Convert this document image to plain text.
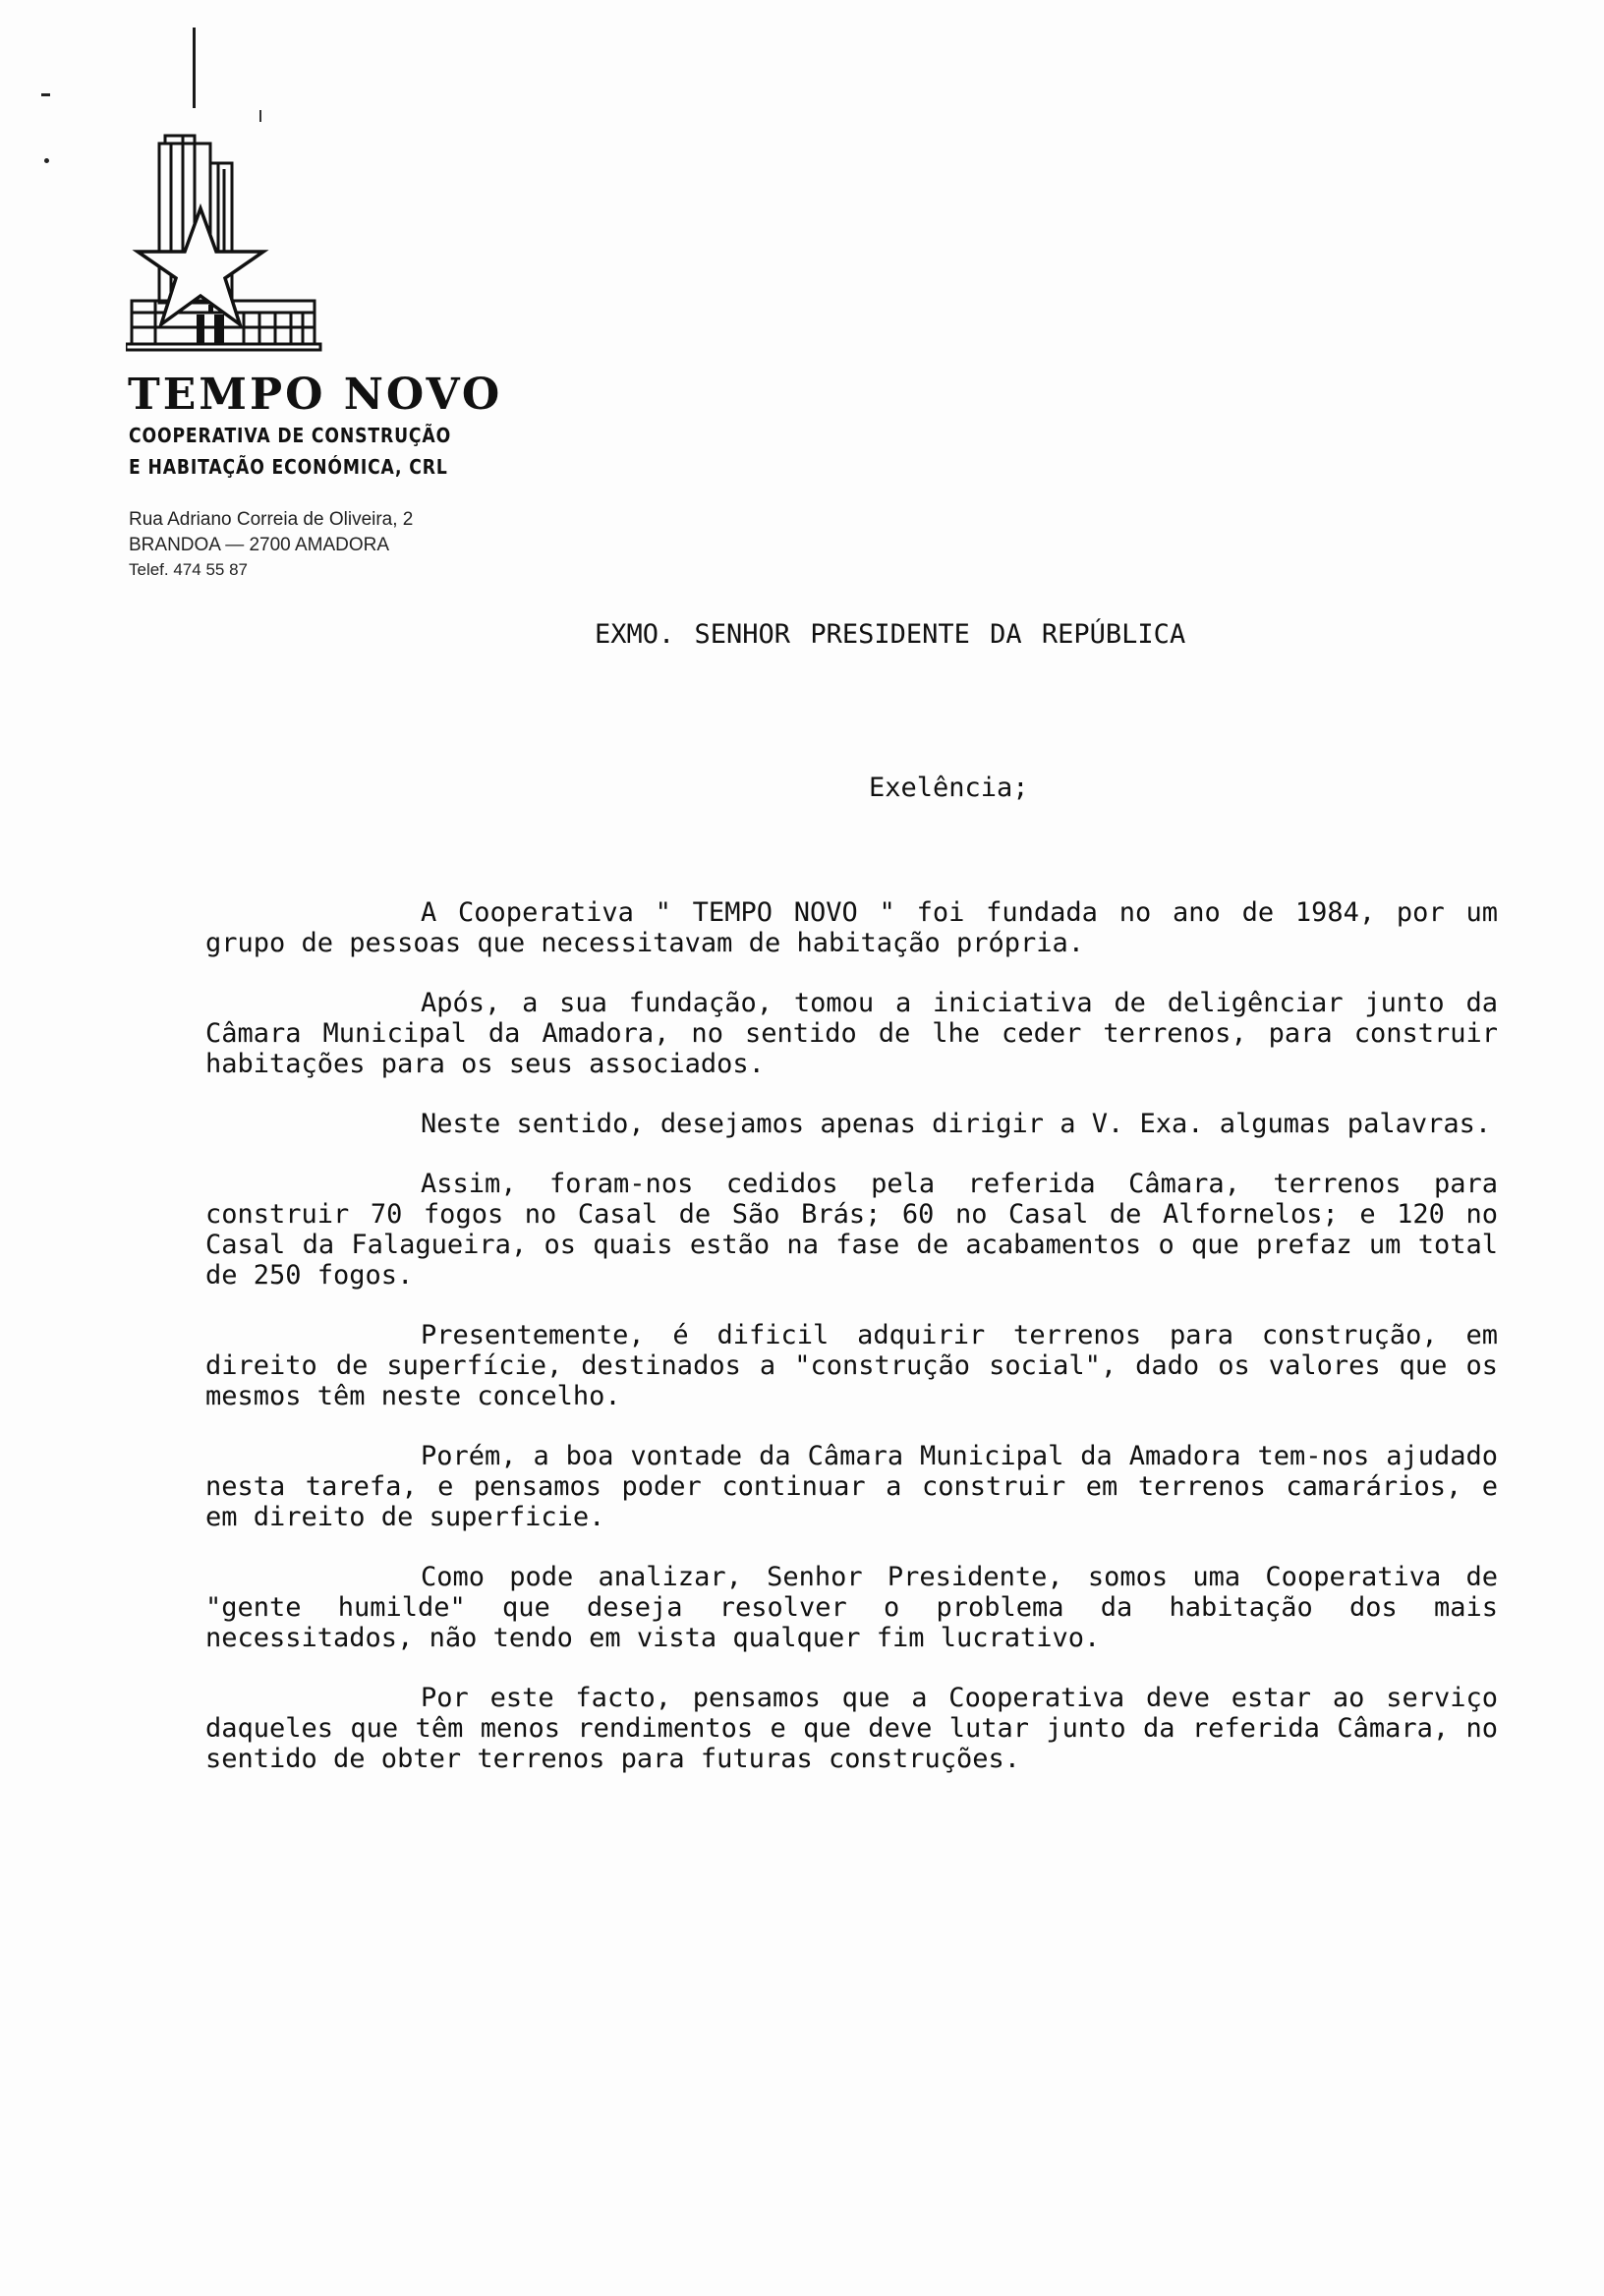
TEMPO NOVO
COOPERATIVA DE CONSTRUÇÃO
E HABITAÇÃO ECONÓMICA, CRL
Rua Adriano Correia de Oliveira, 2
BRANDOA — 2700 AMADORA
Telef. 474 55 87
EXMO. SENHOR PRESIDENTE DA REPÚBLICA
Exelência;

A Cooperativa " TEMPO NOVO " foi fundada no ano de 1984, por um grupo de pessoas que necessitavam de habitação própria.

Após, a sua fundação, tomou a iniciativa de deligênciar junto da Câmara Municipal da Amadora, no sentido de lhe ceder terrenos, para construir habitações para os seus associados.

Neste sentido, desejamos apenas dirigir a V. Exa. algumas palavras.

Assim, foram-nos cedidos pela referida Câmara, terrenos para construir 70 fogos no Casal de São Brás; 60 no Casal de Alfornelos; e 120 no Casal da Falagueira, os quais estão na fase de acabamentos o que prefaz um total de 250 fogos.

Presentemente, é dificil adquirir terrenos para construção, em direito de superfície, destinados a "construção social", dado os valores que os mesmos têm neste concelho.

Porém, a boa vontade da Câmara Municipal da Amadora tem-nos ajudado nesta tarefa, e pensamos poder continuar a construir em terrenos camarários, e em direito de superficie.

Como pode analizar, Senhor Presidente, somos uma Cooperativa de "gente humilde" que deseja resolver o problema da habitação dos mais necessitados, não tendo em vista qualquer fim lucrativo.

Por este facto, pensamos que a Cooperativa deve estar ao serviço daqueles que têm menos rendimentos e que deve lutar junto da referida Câmara, no sentido de obter terrenos para futuras construções.
